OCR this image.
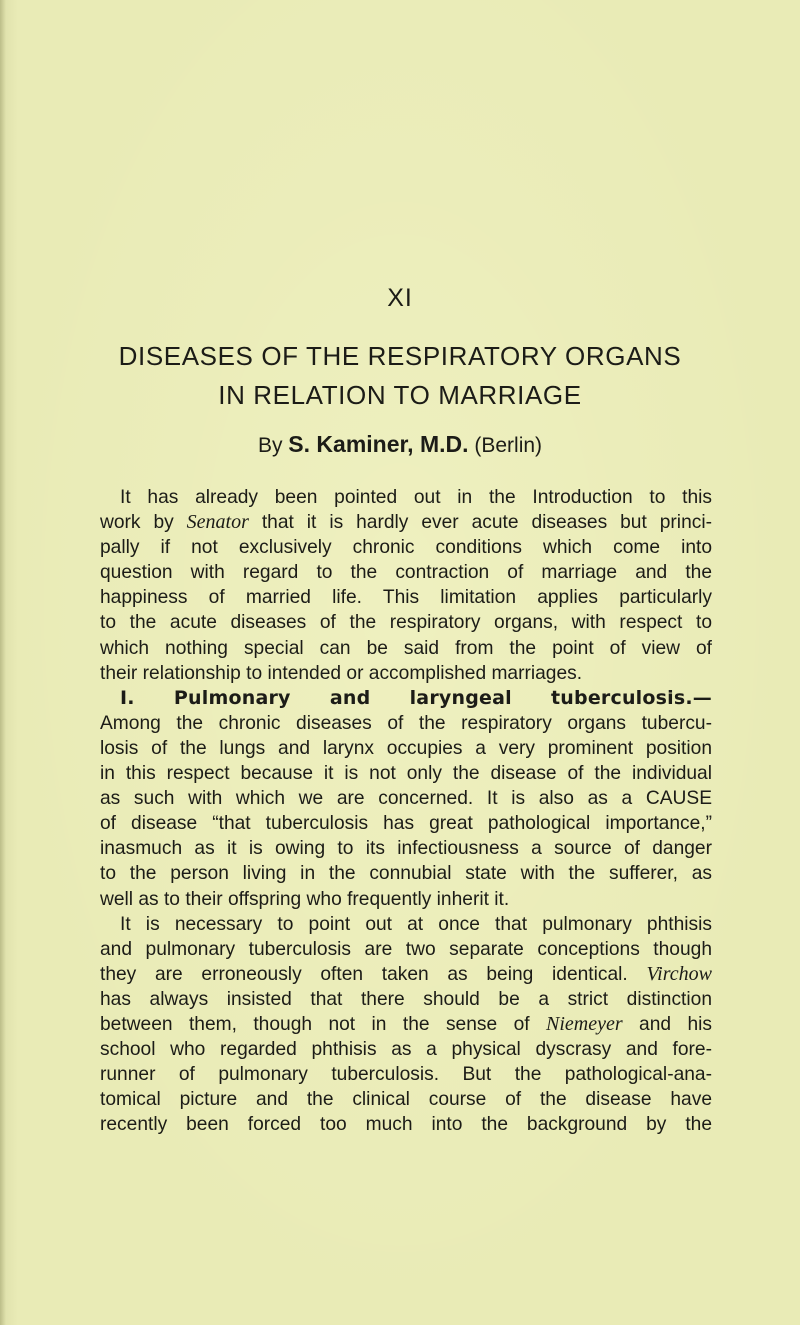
XI
DISEASES OF THE RESPIRATORY ORGANS
IN RELATION TO MARRIAGE
By S. Kaminer, M.D. (Berlin)
It has already been pointed out in the Introduction to this
work by Senator that it is hardly ever acute diseases but princi-
pally if not exclusively chronic conditions which come into
question with regard to the contraction of marriage and the
happiness of married life. This limitation applies particularly
to the acute diseases of the respiratory organs, with respect to
which nothing special can be said from the point of view of
their relationship to intended or accomplished marriages.
I. Pulmonary and laryngeal tuberculosis.—
Among the chronic diseases of the respiratory organs tubercu-
losis of the lungs and larynx occupies a very prominent position
in this respect because it is not only the disease of the individual
as such with which we are concerned. It is also as a CAUSE
of disease “that tuberculosis has great pathological importance,”
inasmuch as it is owing to its infectiousness a source of danger
to the person living in the connubial state with the sufferer, as
well as to their offspring who frequently inherit it.
It is necessary to point out at once that pulmonary phthisis
and pulmonary tuberculosis are two separate conceptions though
they are erroneously often taken as being identical. Virchow
has always insisted that there should be a strict distinction
between them, though not in the sense of Niemeyer and his
school who regarded phthisis as a physical dyscrasy and fore-
runner of pulmonary tuberculosis. But the pathological-ana-
tomical picture and the clinical course of the disease have
recently been forced too much into the background by the
